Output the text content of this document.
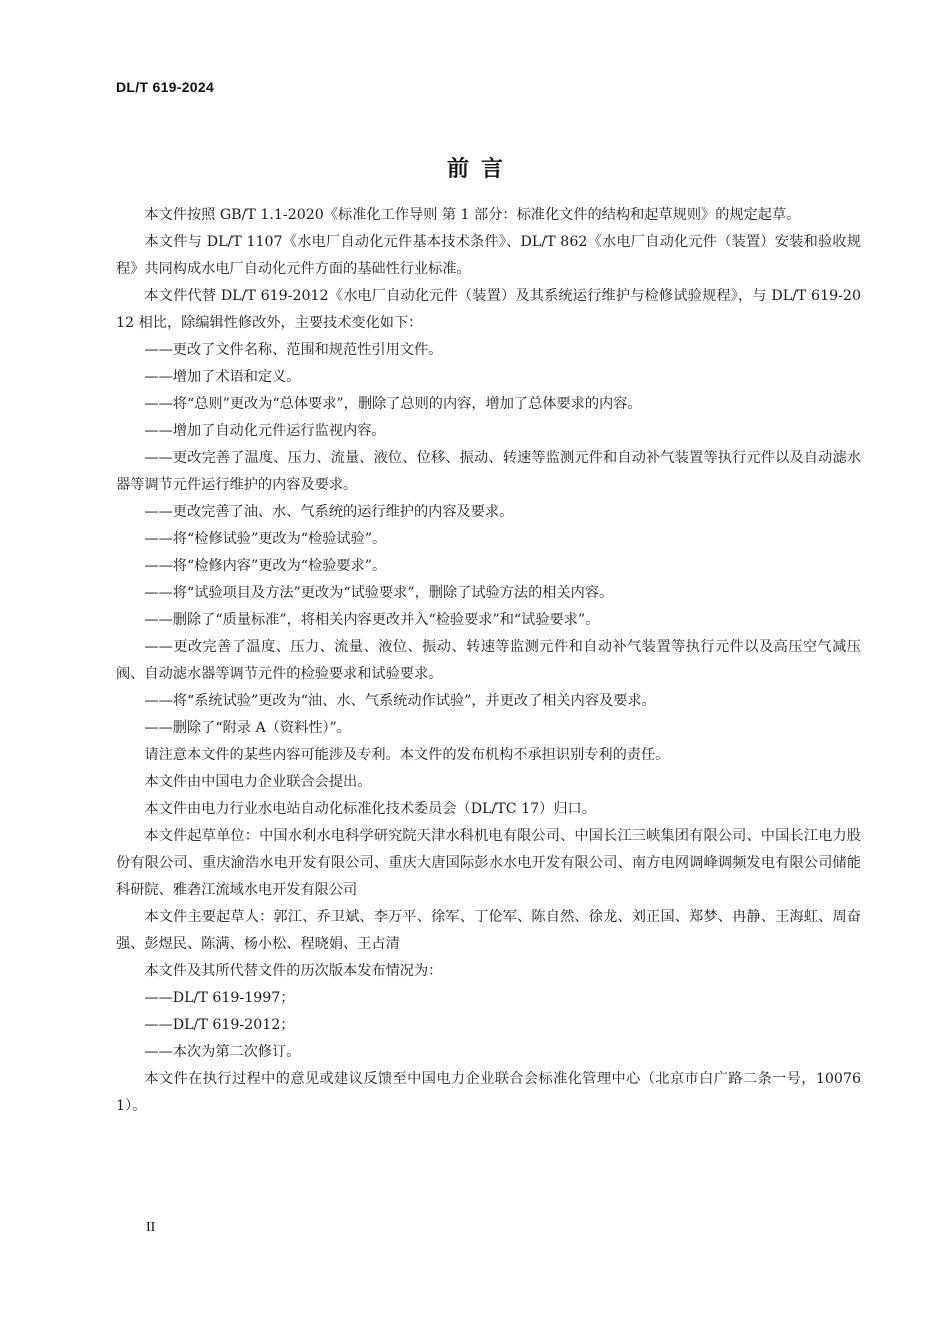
DL/T 619-2024
前言

本文件按照 GB/T 1.1-2020《标准化工作导则 第 1 部分：标准化文件的结构和起草规则》的规定起草。

本文件与 DL/T 1107《水电厂自动化元件基本技术条件》、DL/T 862《水电厂自动化元件（装置）安装和验收规程》共同构成水电厂自动化元件方面的基础性行业标准。

本文件代替 DL/T 619-2012《水电厂自动化元件（装置）及其系统运行维护与检修试验规程》，与 DL/T 619-2012 相比，除编辑性修改外，主要技术变化如下：

——更改了文件名称、范围和规范性引用文件。

——增加了术语和定义。

——将“总则”更改为“总体要求”，删除了总则的内容，增加了总体要求的内容。

——增加了自动化元件运行监视内容。

——更改完善了温度、压力、流量、液位、位移、振动、转速等监测元件和自动补气装置等执行元件以及自动滤水器等调节元件运行维护的内容及要求。

——更改完善了油、水、气系统的运行维护的内容及要求。

——将“检修试验”更改为“检验试验”。

——将“检修内容”更改为“检验要求”。

——将“试验项目及方法”更改为“试验要求”，删除了试验方法的相关内容。

——删除了“质量标准”，将相关内容更改并入“检验要求”和“试验要求”。

——更改完善了温度、压力、流量、液位、振动、转速等监测元件和自动补气装置等执行元件以及高压空气减压阀、自动滤水器等调节元件的检验要求和试验要求。

——将“系统试验”更改为“油、水、气系统动作试验”，并更改了相关内容及要求。

——删除了“附录 A（资料性）”。

请注意本文件的某些内容可能涉及专利。本文件的发布机构不承担识别专利的责任。

本文件由中国电力企业联合会提出。

本文件由电力行业水电站自动化标准化技术委员会（DL/TC 17）归口。

本文件起草单位：中国水利水电科学研究院天津水科机电有限公司、中国长江三峡集团有限公司、中国长江电力股份有限公司、重庆渝浩水电开发有限公司、重庆大唐国际彭水水电开发有限公司、南方电网调峰调频发电有限公司储能科研院、雅砻江流域水电开发有限公司

本文件主要起草人：郭江、乔卫斌、李万平、徐军、丁伦军、陈自然、徐龙、刘正国、郑梦、冉静、王海虹、周奋强、彭煜民、陈满、杨小松、程晓娟、王占清

本文件及其所代替文件的历次版本发布情况为：

——DL/T 619-1997；

——DL/T 619-2012；

——本次为第二次修订。

本文件在执行过程中的意见或建议反馈至中国电力企业联合会标准化管理中心（北京市白广路二条一号，100761）。

II
